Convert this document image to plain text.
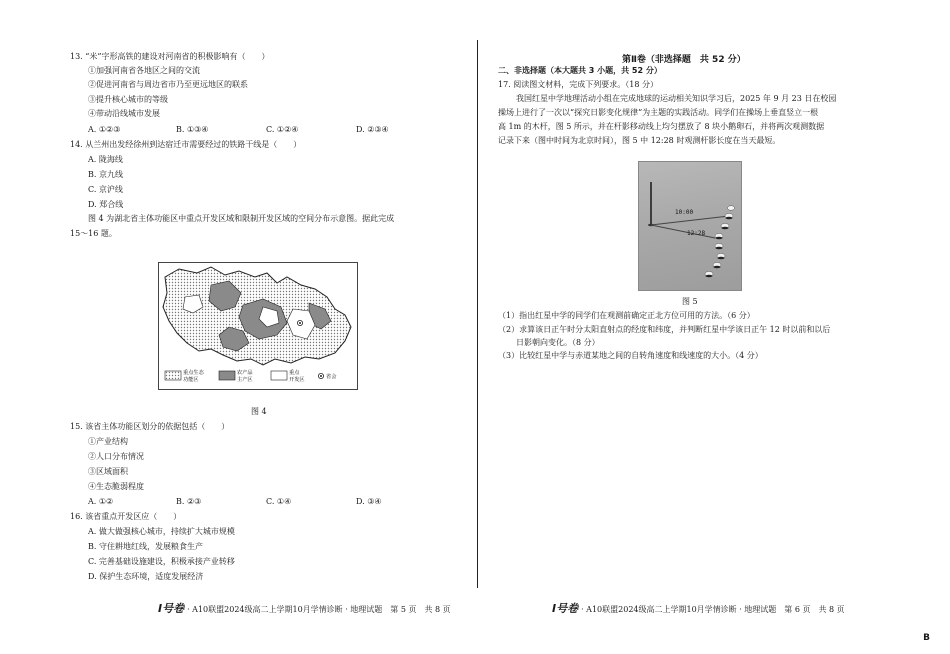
13. “米”字形高铁的建设对河南省的积极影响有（　　）
①加强河南省各地区之间的交流
②促进河南省与周边省市乃至更远地区的联系
③提升核心城市的等级
④带动沿线城市发展
A. ①②③	B. ①③④	C. ①②④	D. ②③④
14. 从兰州出发经徐州到达宿迁市需要经过的铁路干线是（　　）
A. 陇海线
B. 京九线
C. 京沪线
D. 郑合线
图 4 为湖北省主体功能区中重点开发区域和限制开发区域的空间分布示意图。据此完成
15～16 题。
重点生态
功能区
农产品
主产区
重点
开发区	省会
图 4
15. 该省主体功能区划分的依据包括（　　）
①产业结构
②人口分布情况
③区域面积
④生态脆弱程度
A. ①②	B. ②③	C. ①④	D. ③④
16. 该省重点开发区应（　　）
A. 做大做强核心城市，持续扩大城市规模
B. 守住耕地红线，发展粮食生产
C. 完善基础设施建设，积极承接产业转移
D. 保护生态环境，适度发展经济
第Ⅱ卷（非选择题　共 52 分）
二、非选择题（本大题共 3 小题，共 52 分）
17. 阅读图文材料，完成下列要求。（18 分）
我国红星中学地理活动小组在完成地球的运动相关知识学习后，2025 年 9 月 23 日在校园
操场上进行了一次以“探究日影变化规律”为主题的实践活动。同学们在操场上垂直竖立一根
高 1m 的木杆，图 5 所示，并在杆影移动线上均匀摆放了 8 块小鹅卵石，并将两次观测数据
记录下来（图中时间为北京时间），图 5 中 12:28 时观测杆影长度在当天最短。
10:00
12:28
图 5
（1）指出红星中学的同学们在观测前确定正北方位可用的方法。（6 分）
（2）求算该日正午时分太阳直射点的经度和纬度，并判断红星中学该日正午 12 时以前和以后
日影朝向变化。（8 分）
（3）比较红星中学与赤道某地之间的自转角速度和线速度的大小。（4 分）
I号卷 · A10联盟2024级高二上学期10月学情诊断 · 地理试题　第 5 页　共 8 页	I号卷 · A10联盟2024级高二上学期10月学情诊断 · 地理试题　第 6 页　共 8 页
B
